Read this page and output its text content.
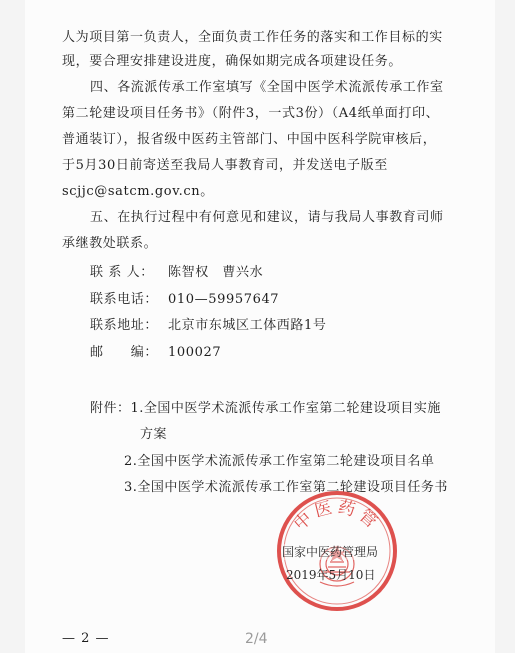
人为项目第一负责人，全面负责工作任务的落实和工作目标的实
现，要合理安排建设进度，确保如期完成各项建设任务。
四、各流派传承工作室填写《全国中医学术流派传承工作室
第二轮建设项目任务书》（附件3，一式3份）（A4纸单面打印、
普通装订），报省级中医药主管部门、中国中医科学院审核后，
于5月30日前寄送至我局人事教育司，并发送电子版至
scjjc@satcm.gov.cn。
五、在执行过程中有何意见和建议，请与我局人事教育司师
承继教处联系。
联 系 人： 陈智权　曹兴水
联系电话： 010—59957647
联系地址： 北京市东城区工体西路1号
邮　　编： 100027
附件：1.全国中医学术流派传承工作室第二轮建设项目实施
方案
2.全国中医学术流派传承工作室第二轮建设项目名单
3.全国中医学术流派传承工作室第二轮建设项目任务书
中医药管
国家中医药管理局
2019年5月10日
— 2 —	2/4
